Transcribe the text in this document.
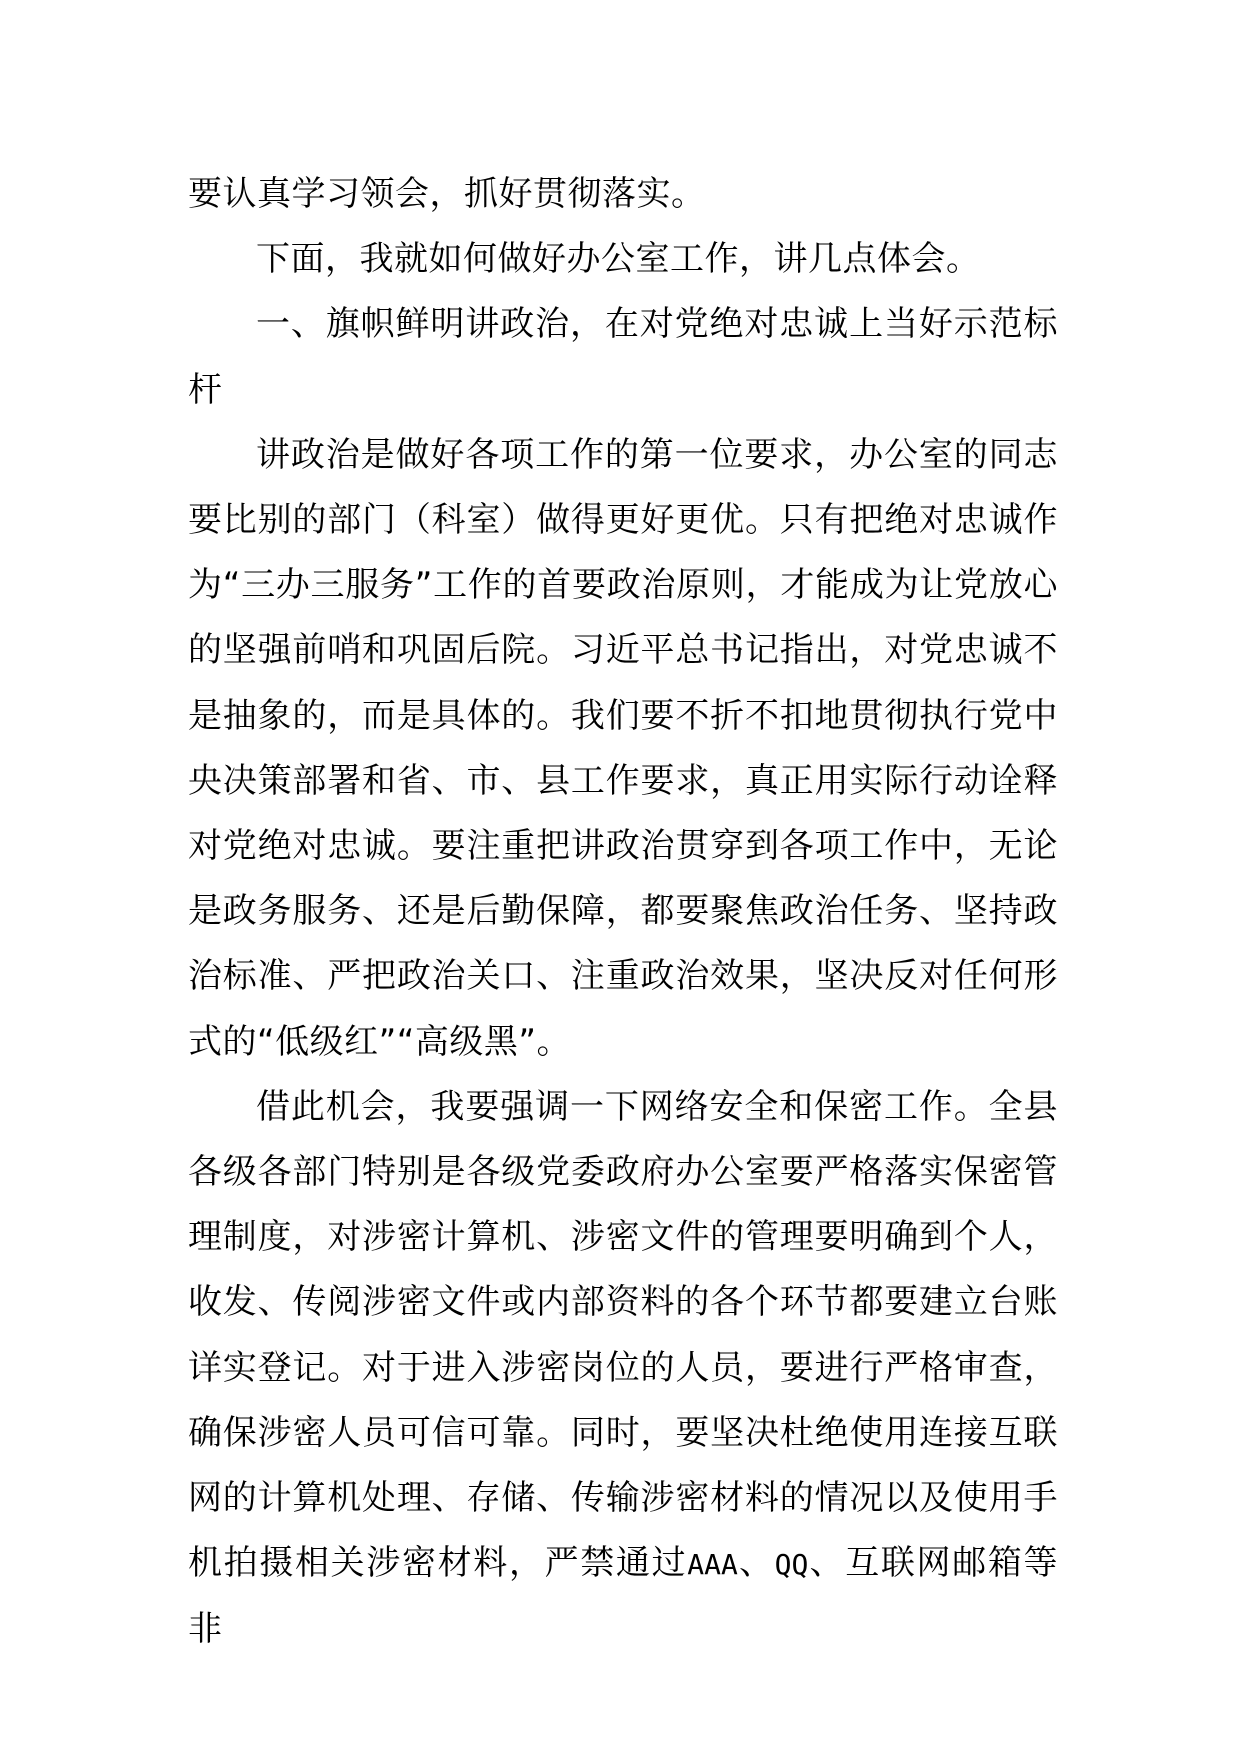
要认真学习领会，抓好贯彻落实。

下面，我就如何做好办公室工作，讲几点体会。

一、旗帜鲜明讲政治，在对党绝对忠诚上当好示范标杆

讲政治是做好各项工作的第一位要求，办公室的同志要比别的部门（科室）做得更好更优。只有把绝对忠诚作为“三办三服务”工作的首要政治原则，才能成为让党放心的坚强前哨和巩固后院。习近平总书记指出，对党忠诚不是抽象的，而是具体的。我们要不折不扣地贯彻执行党中央决策部署和省、市、县工作要求，真正用实际行动诠释对党绝对忠诚。要注重把讲政治贯穿到各项工作中，无论是政务服务、还是后勤保障，都要聚焦政治任务、坚持政治标准、严把政治关口、注重政治效果，坚决反对任何形式的“低级红”“高级黑”。

借此机会，我要强调一下网络安全和保密工作。全县各级各部门特别是各级党委政府办公室要严格落实保密管理制度，对涉密计算机、涉密文件的管理要明确到个人，收发、传阅涉密文件或内部资料的各个环节都要建立台账详实登记。对于进入涉密岗位的人员，要进行严格审查，确保涉密人员可信可靠。同时，要坚决杜绝使用连接互联网的计算机处理、存储、传输涉密材料的情况以及使用手机拍摄相关涉密材料，严禁通过AAA、QQ、互联网邮箱等非
